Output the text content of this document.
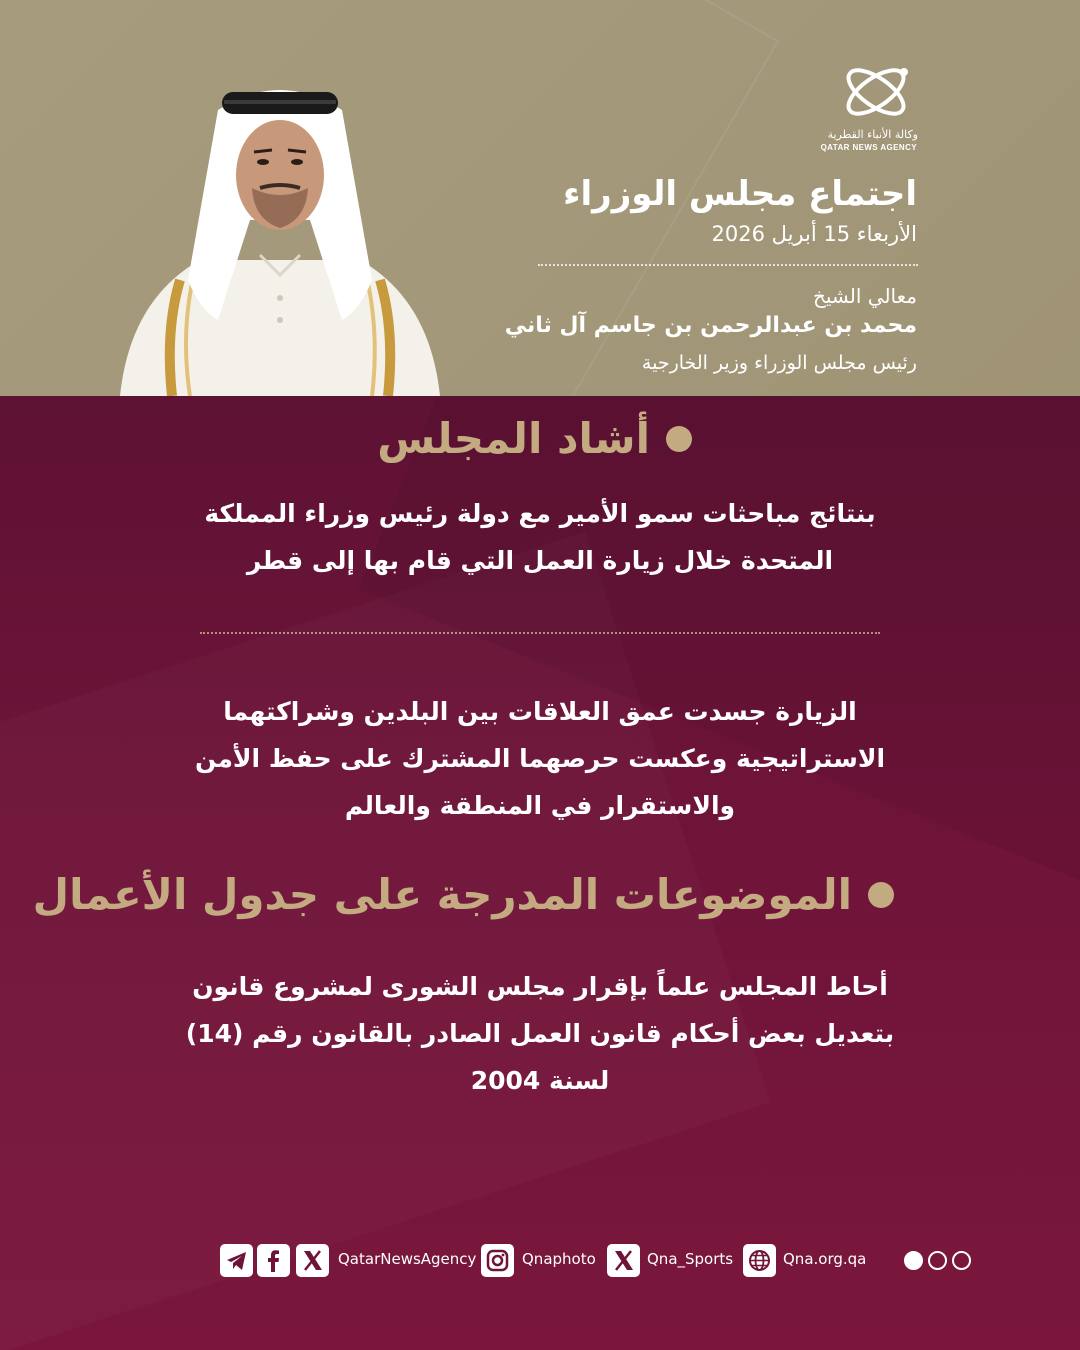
وكالة الأنباء القطرية
QATAR NEWS AGENCY
اجتماع مجلس الوزراء
الأربعاء 15 أبريل 2026
معالي الشيخ
محمد بن عبدالرحمن بن جاسم آل ثاني
رئيس مجلس الوزراء وزير الخارجية
أشاد المجلس
بنتائج مباحثات سمو الأمير مع دولة رئيس وزراء المملكة المتحدة خلال زيارة العمل التي قام بها إلى قطر
الزيارة جسدت عمق العلاقات بين البلدين وشراكتهما الاستراتيجية وعكست حرصهما المشترك على حفظ الأمن والاستقرار في المنطقة والعالم
الموضوعات المدرجة على جدول الأعمال
أحاط المجلس علماً بإقرار مجلس الشورى لمشروع قانون بتعديل بعض أحكام قانون العمل الصادر بالقانون رقم (14) لسنة 2004
QatarNewsAgency	Qnaphoto	Qna_Sports	Qna.org.qa
